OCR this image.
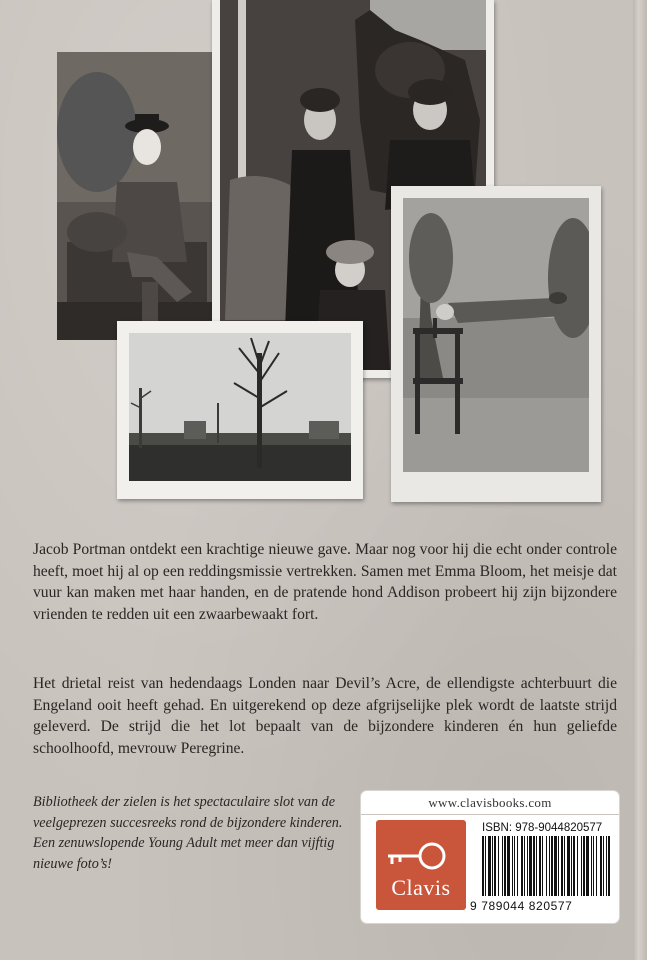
Jacob Portman ontdekt een krachtige nieuwe gave. Maar nog voor hij die echt onder controle heeft, moet hij al op een reddingsmissie vertrekken. Samen met Emma Bloom, het meisje dat vuur kan maken met haar handen, en de pratende hond Addison probeert hij zijn bijzondere vrienden te redden uit een zwaarbewaakt fort.

Het drietal reist van hedendaags Londen naar Devil’s Acre, de ellendigste achterbuurt die Engeland ooit heeft gehad. En uitgerekend op deze afgrijselijke plek wordt de laatste strijd geleverd. De strijd die het lot bepaalt van de bijzondere kinderen én hun geliefde schoolhoofd, mevrouw Peregrine.

Bibliotheek der zielen is het spectaculaire slot van de veelgeprezen succesreeks rond de bijzondere kinderen. Een zenuwslopende Young Adult met meer dan vijftig nieuwe foto’s!

www.clavisbooks.com
Clavis
ISBN: 978-9044820577
9 789044 820577
